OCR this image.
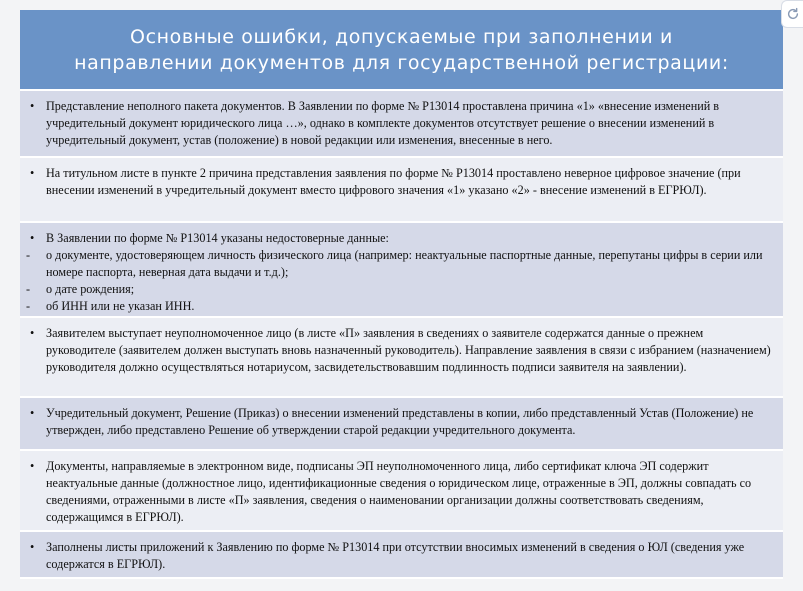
Основные ошибки, допускаемые при заполнении и
направлении документов для государственной регистрации:
• Представление неполного пакета документов. В Заявлении по форме № Р13014 проставлена причина «1» «внесение изменений в учредительный документ юридического лица …», однако в комплекте документов отсутствует решение о внесении изменений в учредительный документ, устав (положение) в новой редакции или изменения, внесенные в него.
• На титульном листе в пункте 2 причина представления заявления по форме № Р13014 проставлено неверное цифровое значение (при внесении изменений в учредительный документ вместо цифрового значения «1» указано «2» - внесение изменений в ЕГРЮЛ).
• В Заявлении по форме № Р13014 указаны недостоверные данные:
-	о документе, удостоверяющем личность физического лица (например: неактуальные паспортные данные, перепутаны цифры в серии или номере паспорта, неверная дата выдачи и т.д.);
-	о дате рождения;
-	об ИНН или не указан ИНН.
• Заявителем выступает неуполномоченное лицо (в листе «П» заявления в сведениях о заявителе содержатся данные о прежнем руководителе (заявителем должен выступать вновь назначенный руководитель). Направление заявления в связи с избранием (назначением) руководителя должно осуществляться нотариусом, засвидетельствовавшим подлинность подписи заявителя на заявлении).
• Учредительный документ, Решение (Приказ) о внесении изменений представлены в копии, либо представленный Устав (Положение) не утвержден, либо представлено Решение об утверждении старой редакции учредительного документа.
• Документы, направляемые в электронном виде, подписаны ЭП неуполномоченного лица, либо сертификат ключа ЭП содержит неактуальные данные (должностное лицо, идентификационные сведения о юридическом лице, отраженные в ЭП, должны совпадать со сведениями, отраженными в листе «П» заявления, сведения о наименовании организации должны соответствовать сведениям, содержащимся в ЕГРЮЛ).
• Заполнены листы приложений к Заявлению по форме № Р13014 при отсутствии вносимых изменений в сведения о ЮЛ (сведения уже содержатся в ЕГРЮЛ).
